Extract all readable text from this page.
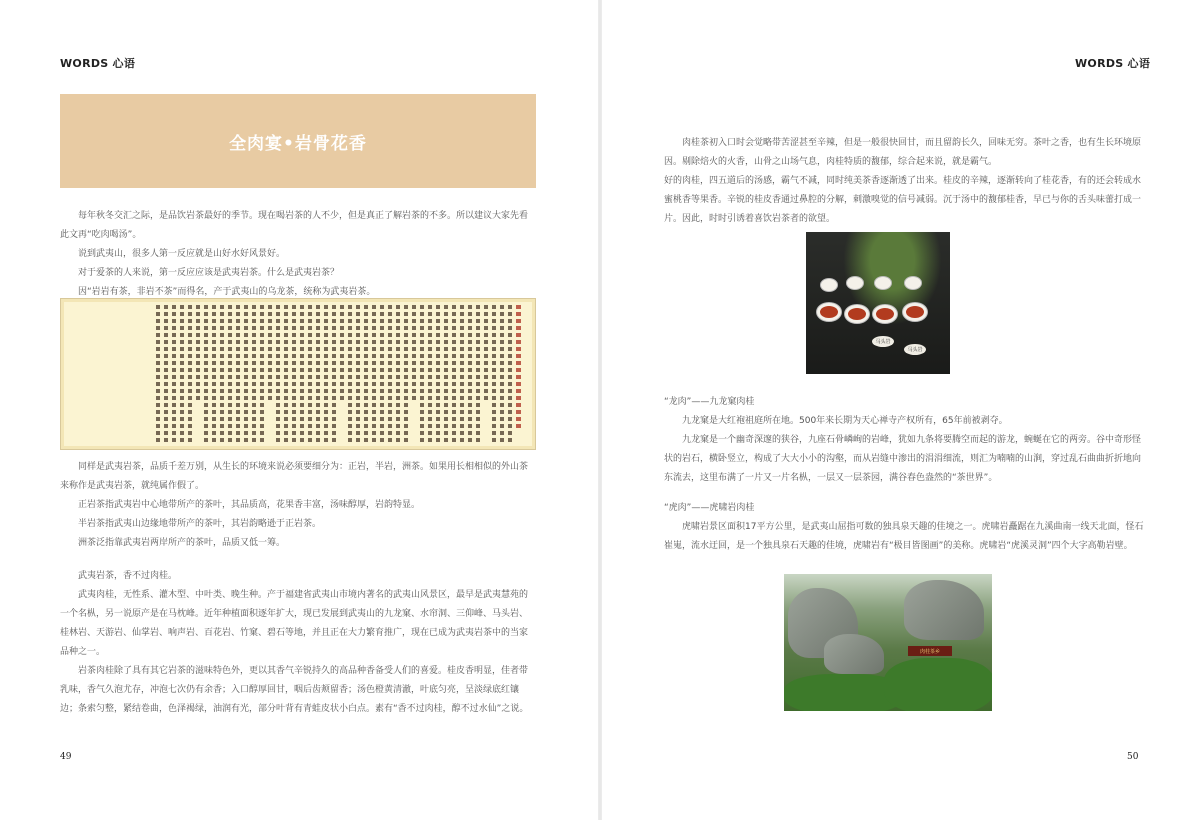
WORDS 心语
全肉宴•岩骨花香

每年秋冬交汇之际，是品饮岩茶最好的季节。现在喝岩茶的人不少，但是真正了解岩茶的不多。所以建议大家先看此文再“吃肉喝汤”。

说到武夷山，很多人第一反应就是山好水好风景好。

对于爱茶的人来说，第一反应应该是武夷岩茶。什么是武夷岩茶？

因“岩岩有茶，非岩不茶”而得名，产于武夷山的乌龙茶，统称为武夷岩茶。

同样是武夷岩茶，品质千差万别，从生长的环境来说必须要细分为：正岩，半岩，洲茶。如果用长相相似的外山茶来称作是武夷岩茶，就纯属作假了。

正岩茶指武夷岩中心地带所产的茶叶，其品质高，花果香丰富，汤味醇厚，岩韵特显。

半岩茶指武夷山边缘地带所产的茶叶，其岩韵略逊于正岩茶。

洲茶泛指靠武夷岩两岸所产的茶叶，品质又低一筹。

武夷岩茶，香不过肉桂。

武夷肉桂，无性系、灌木型、中叶类、晚生种。产于福建省武夷山市境内著名的武夷山风景区，最早是武夷慧苑的一个名枞，另一说原产是在马枕峰。近年种植面积逐年扩大，现已发展到武夷山的九龙窠、水帘洞、三仰峰、马头岩、桂林岩、天游岩、仙掌岩、响声岩、百花岩、竹窠、碧石等地，并且正在大力繁育推广，现在已成为武夷岩茶中的当家品种之一。

岩茶肉桂除了具有其它岩茶的滋味特色外，更以其香气辛锐持久的高品种香备受人们的喜爱。桂皮香明显，佳者带乳味，香气久泡尤存，冲泡七次仍有余香；入口醇厚回甘，咽后齿颊留香；汤色橙黄清澈，叶底匀亮，呈淡绿底红镶边；条索匀整，紧结卷曲，色泽褐绿，油润有光，部分叶背有青蛙皮状小白点。素有“香不过肉桂，醇不过水仙”之说。

49
WORDS 心语

肉桂茶初入口时会觉略带苦涩甚至辛辣，但是一般很快回甘，而且留韵长久，回味无穷。茶叶之香，也有生长环境原因。剔除焙火的火香，山骨之山场气息，肉桂特质的馥郁，综合起来说，就是霸气。

好的肉桂，四五道后的汤感，霸气不减，同时纯美茶香逐渐透了出来。桂皮的辛辣，逐渐转向了桂花香，有的还会转成水蜜桃香等果香。辛锐的桂皮香通过鼻腔的分解，刺激嗅觉的信号减弱。沉于汤中的馥郁桂香，早已与你的舌头味蕾打成一片。因此，时时引诱着喜饮岩茶者的欲望。

“龙肉”——九龙窠肉桂

九龙窠是大红袍祖庭所在地。500年来长期为天心禅寺产权所有，65年前被剥夺。

九龙窠是一个幽奇深邃的狭谷，九座石骨嶙峋的岩峰，犹如九条将要腾空而起的游龙，蜿蜒在它的两旁。谷中奇形怪状的岩石，横卧竖立，构成了大大小小的沟壑，而从岩缝中渗出的涓涓细流，则汇为喃喃的山涧，穿过乱石曲曲折折地向东流去，这里布满了一片又一片名枞，一层又一层茶园，满谷春色盎然的“茶世界”。

“虎肉”——虎啸岩肉桂

虎啸岩景区面积17平方公里，是武夷山屈指可数的独具泉天趣的佳境之一。虎啸岩矗踞在九溪曲南一线天北面，怪石崔嵬，流水迂回，是一个独具泉石天趣的佳境，虎啸岩有“极目皆图画”的美称。虎啸岩“虎溪灵洞”四个大字高勒岩壁。

50
马头岩
马头岩
肉桂茶乡
